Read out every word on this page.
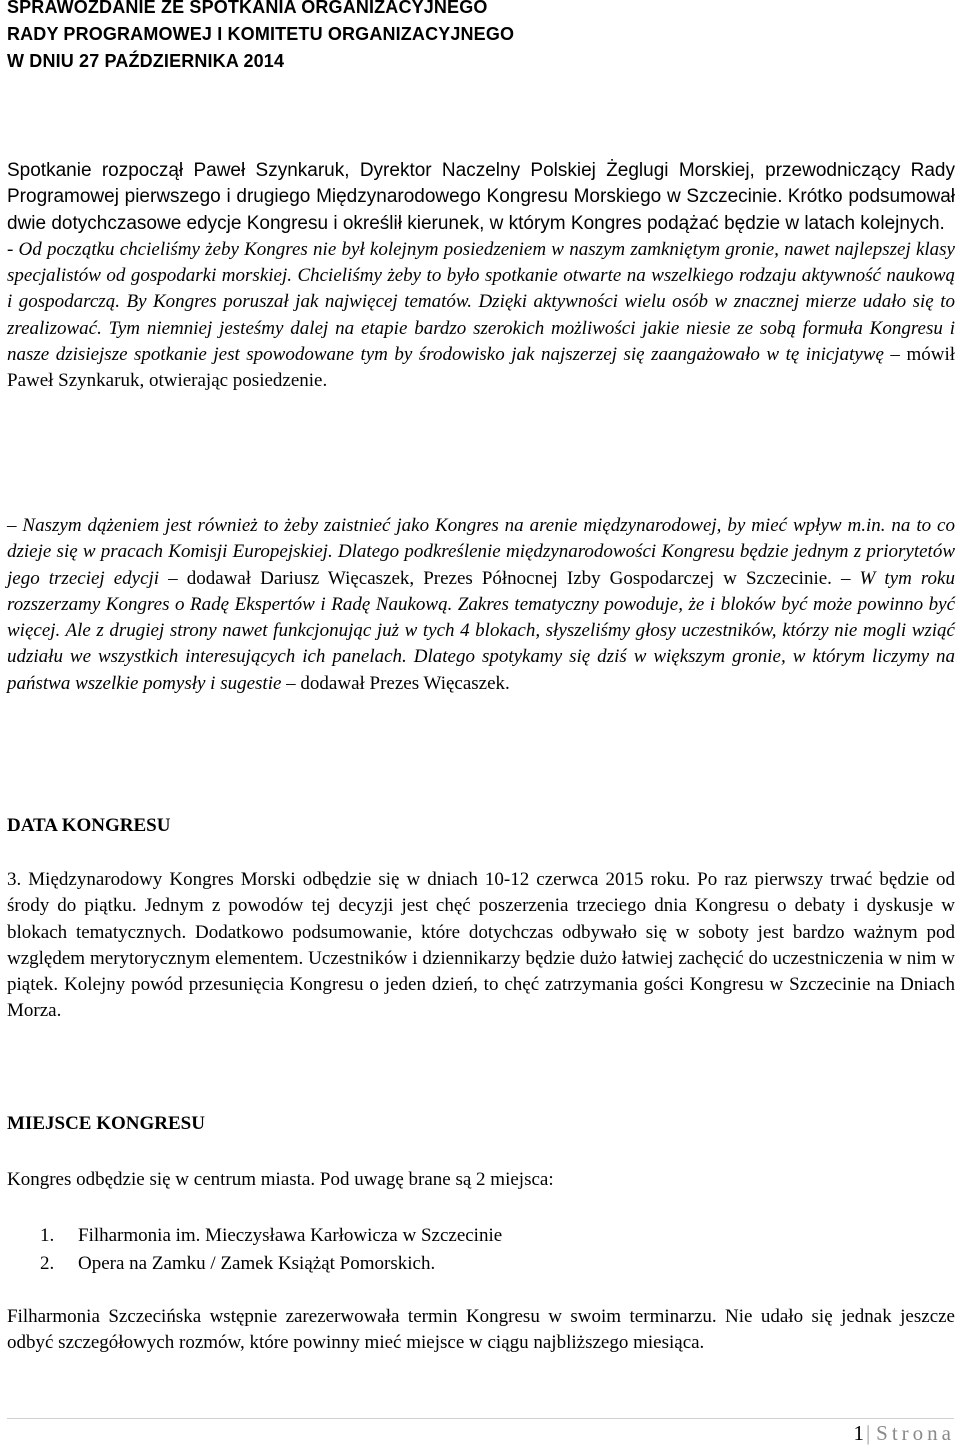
SPRAWOZDANIE ZE SPOTKANIA ORGANIZACYJNEGO
RADY PROGRAMOWEJ I KOMITETU ORGANIZACYJNEGO
W DNIU 27 PAŹDZIERNIKA 2014

Spotkanie rozpoczął Paweł Szynkaruk, Dyrektor Naczelny Polskiej Żeglugi Morskiej, przewodniczący Rady Programowej pierwszego i drugiego Międzynarodowego Kongresu Morskiego w Szczecinie. Krótko podsumował dwie dotychczasowe edycje Kongresu i określił kierunek, w którym Kongres podążać będzie w latach kolejnych.
- Od początku chcieliśmy żeby Kongres nie był kolejnym posiedzeniem w naszym zamkniętym gronie, nawet najlepszej klasy specjalistów od gospodarki morskiej. Chcieliśmy żeby to było spotkanie otwarte na wszelkiego rodzaju aktywność naukową i gospodarczą. By Kongres poruszał jak najwięcej tematów. Dzięki aktywności wielu osób w znacznej mierze udało się to zrealizować. Tym niemniej jesteśmy dalej na etapie bardzo szerokich możliwości jakie niesie ze sobą formuła Kongresu i nasze dzisiejsze spotkanie jest spowodowane tym by środowisko jak najszerzej się zaangażowało w tę inicjatywę – mówił Paweł Szynkaruk, otwierając posiedzenie.

– Naszym dążeniem jest również to żeby zaistnieć jako Kongres na arenie międzynarodowej, by mieć wpływ m.in. na to co dzieje się w pracach Komisji Europejskiej. Dlatego podkreślenie międzynarodowości Kongresu będzie jednym z priorytetów jego trzeciej edycji – dodawał Dariusz Więcaszek, Prezes Północnej Izby Gospodarczej w Szczecinie. – W tym roku rozszerzamy Kongres o Radę Ekspertów i Radę Naukową. Zakres tematyczny powoduje, że i bloków być może powinno być więcej. Ale z drugiej strony nawet funkcjonując już w tych 4 blokach, słyszeliśmy głosy uczestników, którzy nie mogli wziąć udziału we wszystkich interesujących ich panelach. Dlatego spotykamy się dziś w większym gronie, w którym liczymy na państwa wszelkie pomysły i sugestie – dodawał Prezes Więcaszek.

DATA KONGRESU

3. Międzynarodowy Kongres Morski odbędzie się w dniach 10-12 czerwca 2015 roku. Po raz pierwszy trwać będzie od środy do piątku. Jednym z powodów tej decyzji jest chęć poszerzenia trzeciego dnia Kongresu o debaty i dyskusje w blokach tematycznych. Dodatkowo podsumowanie, które dotychczas odbywało się w soboty jest bardzo ważnym pod względem merytorycznym elementem. Uczestników i dziennikarzy będzie dużo łatwiej zachęcić do uczestniczenia w nim w piątek. Kolejny powód przesunięcia Kongresu o jeden dzień, to chęć zatrzymania gości Kongresu w Szczecinie na Dniach Morza.

MIEJSCE KONGRESU

Kongres odbędzie się w centrum miasta. Pod uwagę brane są 2 miejsca:

1. Filharmonia im. Mieczysława Karłowicza w Szczecinie
2. Opera na Zamku / Zamek Książąt Pomorskich.

Filharmonia Szczecińska wstępnie zarezerwowała termin Kongresu w swoim terminarzu. Nie udało się jednak jeszcze odbyć szczegółowych rozmów, które powinny mieć miejsce w ciągu najbliższego miesiąca.

1| Strona
